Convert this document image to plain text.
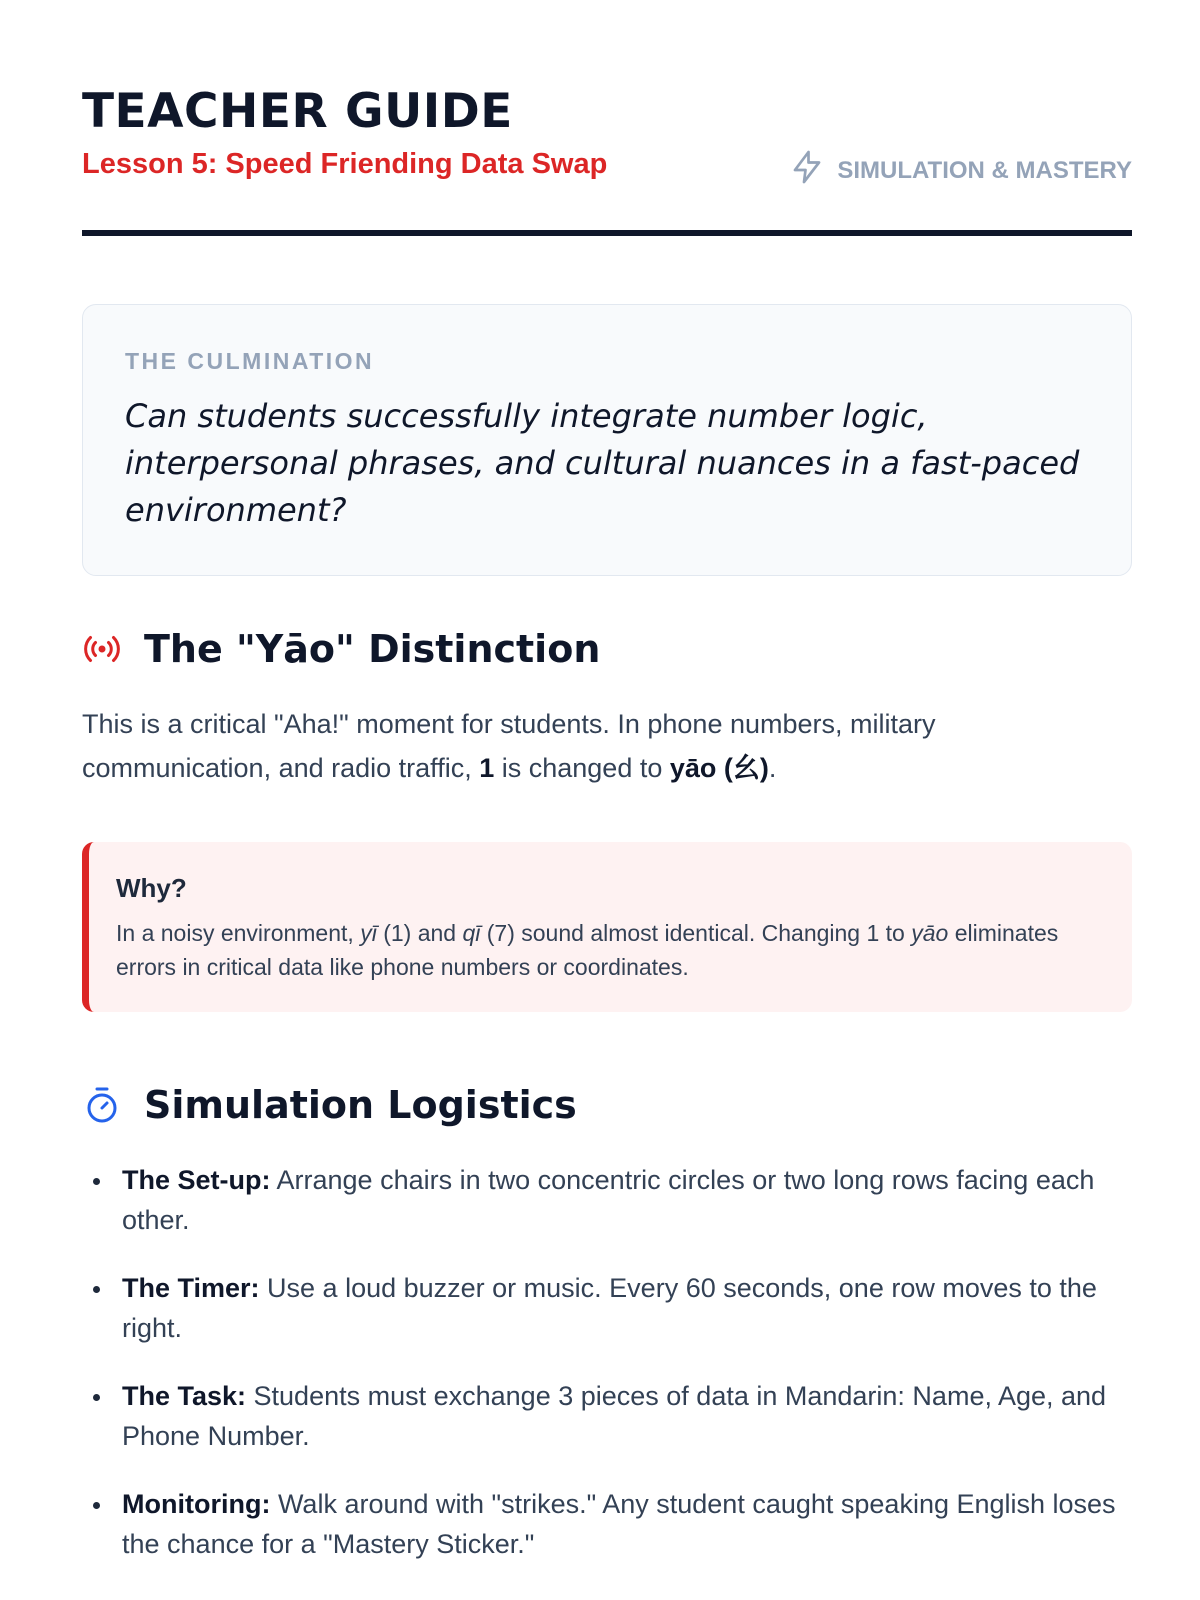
TEACHER GUIDE
Lesson 5: Speed Friending Data Swap	SIMULATION & MASTERY
THE CULMINATION
Can students successfully integrate number logic, interpersonal phrases, and cultural nuances in a fast-paced environment?
The "Yāo" Distinction

This is a critical "Aha!" moment for students. In phone numbers, military communication, and radio traffic, 1 is changed to yāo (幺).

Why?
In a noisy environment, yī (1) and qī (7) sound almost identical. Changing 1 to yāo eliminates errors in critical data like phone numbers or coordinates.
Simulation Logistics
The Set-up: Arrange chairs in two concentric circles or two long rows facing each other.
The Timer: Use a loud buzzer or music. Every 60 seconds, one row moves to the right.
The Task: Students must exchange 3 pieces of data in Mandarin: Name, Age, and Phone Number.
Monitoring: Walk around with "strikes." Any student caught speaking English loses the chance for a "Mastery Sticker."
